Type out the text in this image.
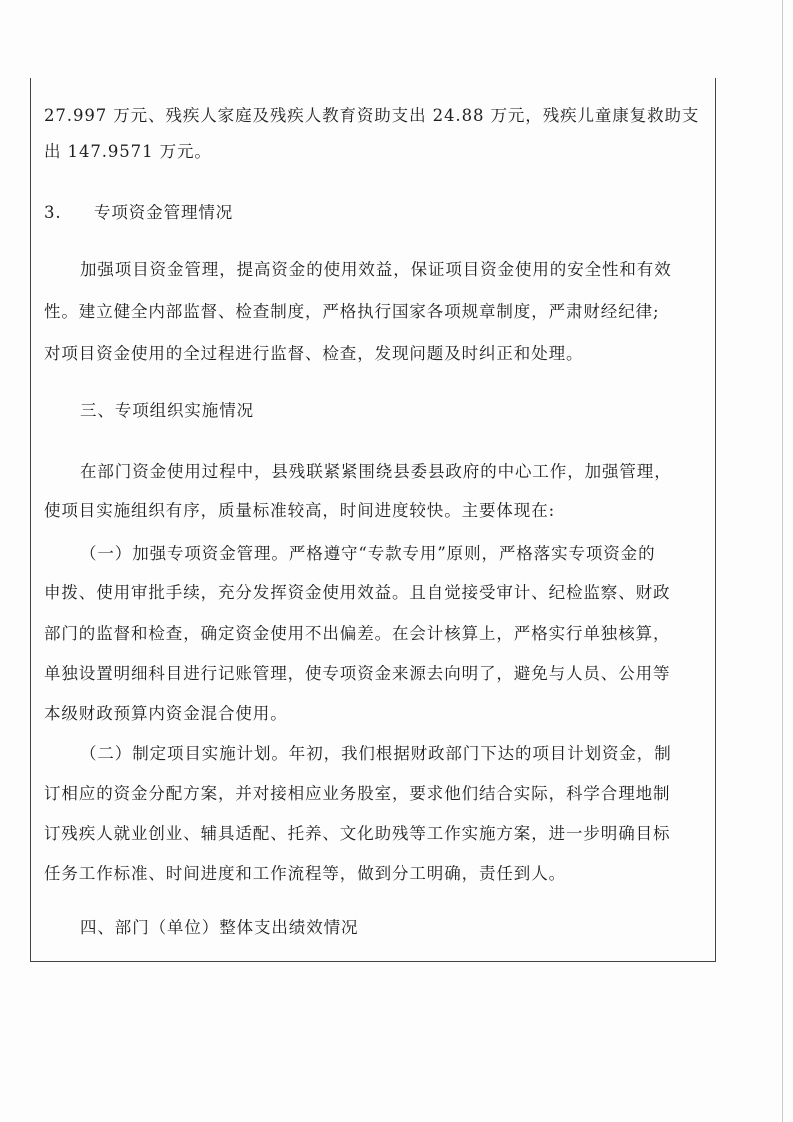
27.997 万元、残疾人家庭及残疾人教育资助支出 24.88 万元，残疾儿童康复救助支
出 147.9571 万元。
3. 专项资金管理情况
加强项目资金管理，提高资金的使用效益，保证项目资金使用的安全性和有效
性。建立健全内部监督、检查制度，严格执行国家各项规章制度，严肃财经纪律;
对项目资金使用的全过程进行监督、检查，发现问题及时纠正和处理。
三、专项组织实施情况
在部门资金使用过程中，县残联紧紧围绕县委县政府的中心工作，加强管理，
使项目实施组织有序，质量标准较高，时间进度较快。主要体现在:
（一）加强专项资金管理。严格遵守“专款专用”原则，严格落实专项资金的
申拨、使用审批手续，充分发挥资金使用效益。且自觉接受审计、纪检监察、财政
部门的监督和检查，确定资金使用不出偏差。在会计核算上，严格实行单独核算，
单独设置明细科目进行记账管理，使专项资金来源去向明了，避免与人员、公用等
本级财政预算内资金混合使用。
（二）制定项目实施计划。年初，我们根据财政部门下达的项目计划资金，制
订相应的资金分配方案，并对接相应业务股室，要求他们结合实际，科学合理地制
订残疾人就业创业、辅具适配、托养、文化助残等工作实施方案，进一步明确目标
任务工作标准、时间进度和工作流程等，做到分工明确，责任到人。
四、部门（单位）整体支出绩效情况
